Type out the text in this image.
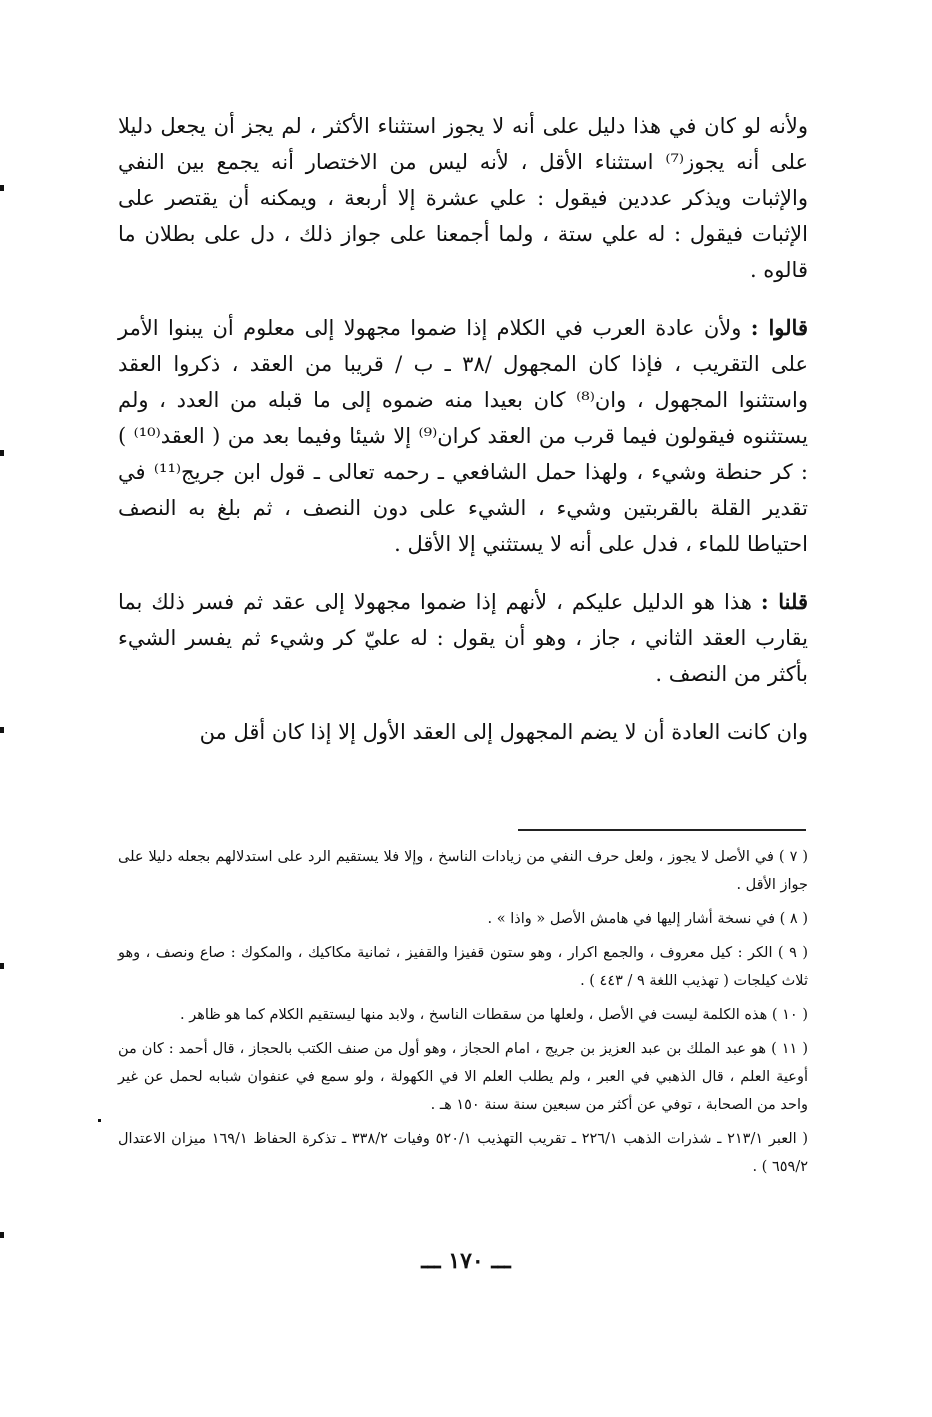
ولأنه لو كان في هذا دليل على أنه لا يجوز استثناء الأكثر ، لم يجز أن يجعل دليلا على أنه يجوز⁽⁷⁾ استثناء الأقل ، لأنه ليس من الاختصار أنه يجمع بين النفي والإثبات ويذكر عددين فيقول : علي عشرة إلا أربعة ، ويمكنه أن يقتصر على الإثبات فيقول : له علي ستة ، ولما أجمعنا على جواز ذلك ، دل على بطلان ما قالوه .

قالوا : ولأن عادة العرب في الكلام إذا ضموا مجهولا إلى معلوم أن يبنوا الأمر على التقريب ، فإذا كان المجهول /٣٨ ـ ب / قريبا من العقد ، ذكروا العقد واستثنوا المجهول ، وان⁽⁸⁾ كان بعيدا منه ضموه إلى ما قبله من العدد ، ولم يستثنوه فيقولون فيما قرب من العقد كران⁽⁹⁾ إلا شيئا وفيما بعد من ( العقد⁽¹⁰⁾ ) : كر حنطة وشيء ، ولهذا حمل الشافعي ـ رحمه تعالى ـ قول ابن جريج⁽¹¹⁾ في تقدير القلة بالقربتين وشيء ، الشيء على دون النصف ، ثم بلغ به النصف احتياطا للماء ، فدل على أنه لا يستثني إلا الأقل .

قلنا : هذا هو الدليل عليكم ، لأنهم إذا ضموا مجهولا إلى عقد ثم فسر ذلك بما يقارب العقد الثاني ، جاز ، وهو أن يقول : له عليّ كر وشيء ثم يفسر الشيء بأكثر من النصف .

وان كانت العادة أن لا يضم المجهول إلى العقد الأول إلا إذا كان أقل من

( ٧ ) في الأصل لا يجوز ، ولعل حرف النفي من زيادات الناسخ ، وإلا فلا يستقيم الرد على استدلالهم بجعله دليلا على جواز الأقل .

( ٨ ) في نسخة أشار إليها في هامش الأصل « واذا » .

( ٩ ) الكر : كيل معروف ، والجمع اكرار ، وهو ستون قفيزا والقفيز ، ثمانية مكاكيك ، والمكوك : صاع ونصف ، وهو ثلاث كيلجات ( تهذيب اللغة ٩ / ٤٤٣ ) .

( ١٠ ) هذه الكلمة ليست في الأصل ، ولعلها من سقطات الناسخ ، ولابد منها ليستقيم الكلام كما هو ظاهر .

( ١١ ) هو عبد الملك بن عبد العزيز بن جريج ، امام الحجاز ، وهو أول من صنف الكتب بالحجاز ، قال أحمد : كان من أوعية العلم ، قال الذهبي في العبر ، ولم يطلب العلم الا في الكهولة ، ولو سمع في عنفوان شبابه لحمل عن غير واحد من الصحابة ، توفي عن أكثر من سبعين سنة سنة ١٥٠ هـ .

( العبر ٢١٣/١ ـ شذرات الذهب ٢٢٦/١ ـ تقريب التهذيب ٥٢٠/١ وفيات ٣٣٨/٢ ـ تذكرة الحفاظ ١٦٩/١ ميزان الاعتدال ٦٥٩/٢ ) .

ـــ ١٧٠ ـــ
